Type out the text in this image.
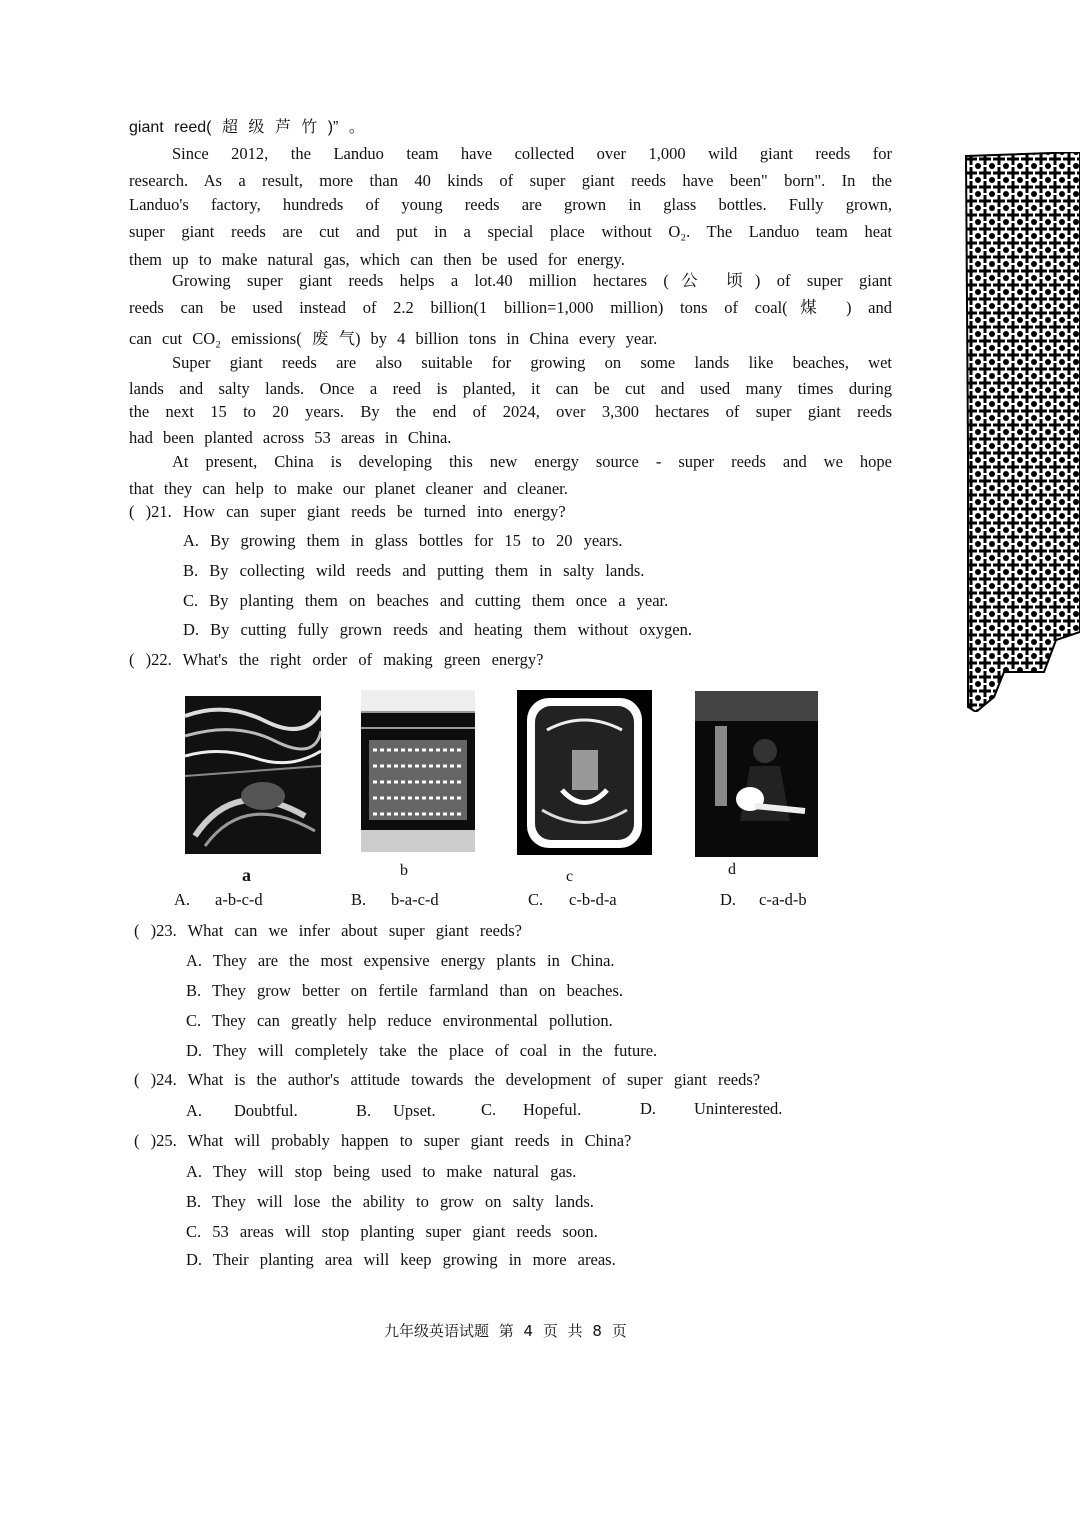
giant reed( 超 级 芦 竹 )” 。
Since 2012, the Landuo team have collected over 1,000 wild giant reeds for
research. As a result, more than 40 kinds of super giant reeds have been" born". In the
Landuo's factory, hundreds of young reeds are grown in glass bottles. Fully grown,
super giant reeds are cut and put in a special place without O₂. The Landuo team heat
them up to make natural gas, which can then be used for energy.
Growing super giant reeds helps a lot.40 million hectares (公 顷) of super giant
reeds can be used instead of 2.2 billion(1 billion=1,000 million) tons of coal(煤 ) and
can cut CO₂ emissions( 废 气) by 4 billion tons in China every year.
Super giant reeds are also suitable for growing on some lands like beaches, wet
lands and salty lands. Once a reed is planted, it can be cut and used many times during
the next 15 to 20 years. By the end of 2024, over 3,300 hectares of super giant reeds
had been planted across 53 areas in China.
At present, China is developing this new energy source - super reeds and we hope
that they can help to make our planet cleaner and cleaner.
( )21. How can super giant reeds be turned into energy?
A. By growing them in glass bottles for 15 to 20 years.
B. By collecting wild reeds and putting them in salty lands.
C. By planting them on beaches and cutting them once a year.
D. By cutting fully grown reeds and heating them without oxygen.
( )22. What's the right order of making green energy?
a	b	c	d
A. a-b-c-d	B. b-a-c-d	C. c-b-d-a	D. c-a-d-b
( )23. What can we infer about super giant reeds?
A. They are the most expensive energy plants in China.
B. They grow better on fertile farmland than on beaches.
C. They can greatly help reduce environmental pollution.
D. They will completely take the place of coal in the future.
( )24. What is the author's attitude towards the development of super giant reeds?
A. Doubtful.	B. Upset.	C. Hopeful.	D. Uninterested.
( )25. What will probably happen to super giant reeds in China?
A. They will stop being used to make natural gas.
B. They will lose the ability to grow on salty lands.
C. 53 areas will stop planting super giant reeds soon.
D. Their planting area will keep growing in more areas.
九年级英语试题 第 4 页 共 8 页
